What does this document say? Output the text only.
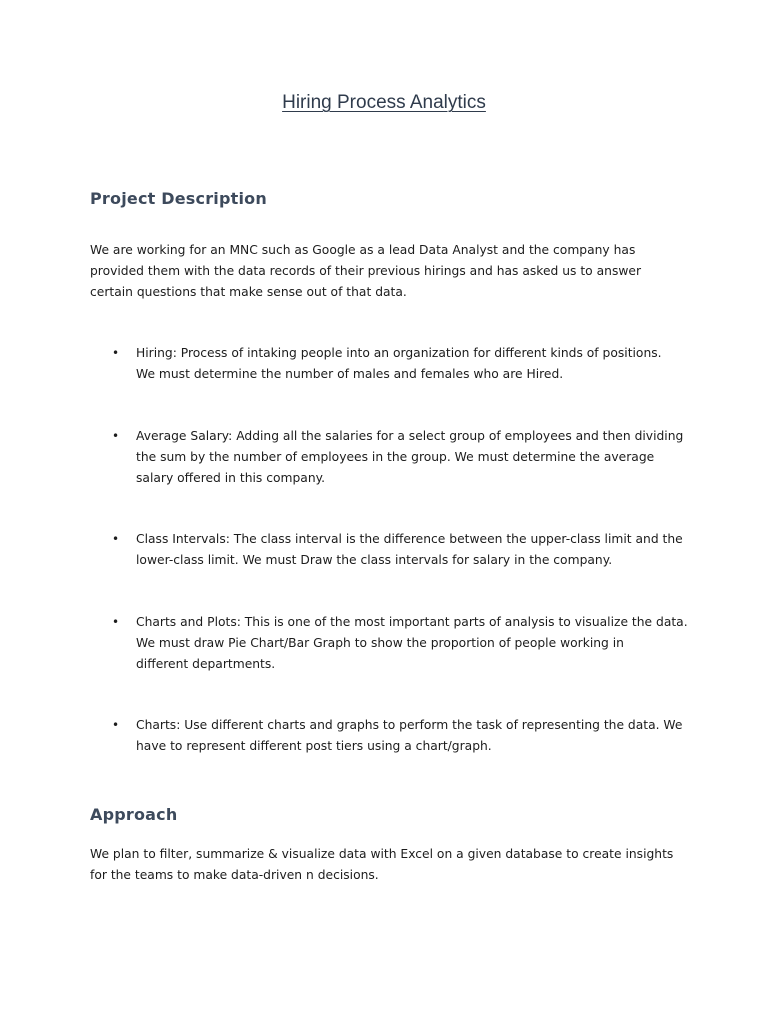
Hiring Process Analytics
Project Description

We are working for an MNC such as Google as a lead Data Analyst and the company has
provided them with the data records of their previous hirings and has asked us to answer
certain questions that make sense out of that data.

•	Hiring: Process of intaking people into an organization for different kinds of positions.
We must determine the number of males and females who are Hired.
•	Average Salary: Adding all the salaries for a select group of employees and then dividing
the sum by the number of employees in the group. We must determine the average
salary offered in this company.
•	Class Intervals: The class interval is the difference between the upper-class limit and the
lower-class limit. We must Draw the class intervals for salary in the company.
•	Charts and Plots: This is one of the most important parts of analysis to visualize the data.
We must draw Pie Chart/Bar Graph to show the proportion of people working in
different departments.
•	Charts: Use different charts and graphs to perform the task of representing the data. We
have to represent different post tiers using a chart/graph.
Approach

We plan to filter, summarize & visualize data with Excel on a given database to create insights
for the teams to make data-driven n decisions.
